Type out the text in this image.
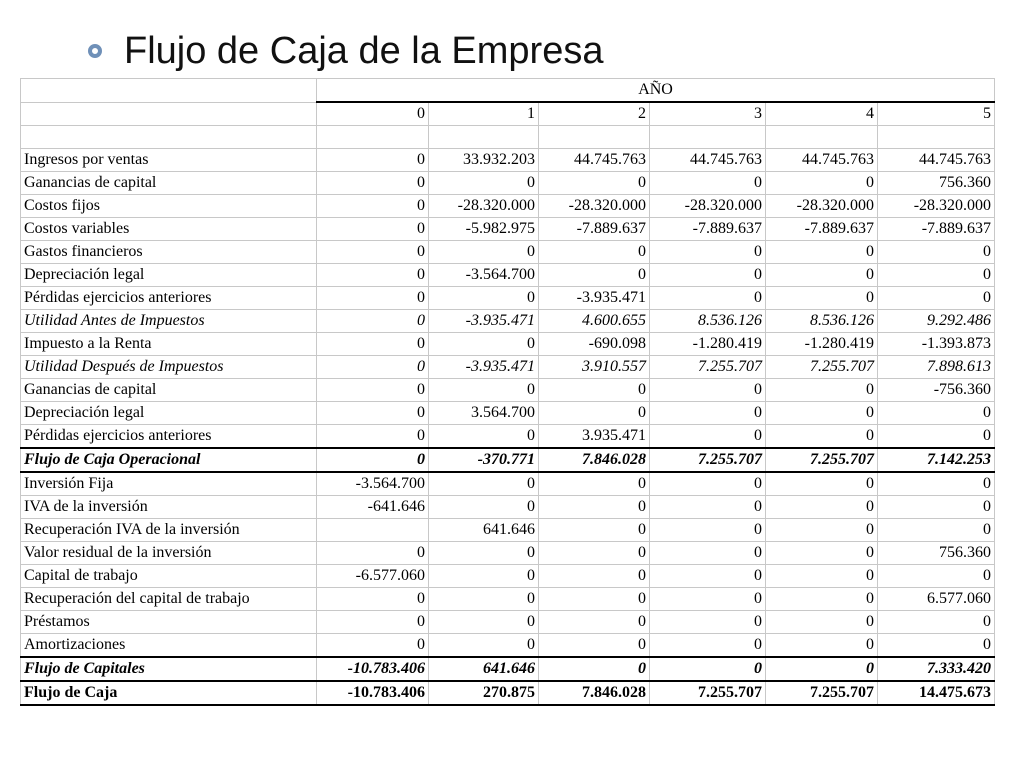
Flujo de Caja de la Empresa
	AÑO					
	0	1	2	3	4	5

Ingresos por ventas	0	33.932.203	44.745.763	44.745.763	44.745.763	44.745.763
Ganancias de capital	0	0	0	0	0	756.360
Costos fijos	0	-28.320.000	-28.320.000	-28.320.000	-28.320.000	-28.320.000
Costos variables	0	-5.982.975	-7.889.637	-7.889.637	-7.889.637	-7.889.637
Gastos financieros	0	0	0	0	0	0
Depreciación legal	0	-3.564.700	0	0	0	0
Pérdidas ejercicios anteriores	0	0	-3.935.471	0	0	0
Utilidad Antes de Impuestos	0	-3.935.471	4.600.655	8.536.126	8.536.126	9.292.486
Impuesto a la Renta	0	0	-690.098	-1.280.419	-1.280.419	-1.393.873
Utilidad Después de Impuestos	0	-3.935.471	3.910.557	7.255.707	7.255.707	7.898.613
Ganancias de capital	0	0	0	0	0	-756.360
Depreciación legal	0	3.564.700	0	0	0	0
Pérdidas ejercicios anteriores	0	0	3.935.471	0	0	0
Flujo de Caja Operacional	0	-370.771	7.846.028	7.255.707	7.255.707	7.142.253
Inversión Fija	-3.564.700	0	0	0	0	0
IVA de la inversión	-641.646	0	0	0	0	0
Recuperación IVA de la inversión		641.646	0	0	0	0
Valor residual de la inversión	0	0	0	0	0	756.360
Capital de trabajo	-6.577.060	0	0	0	0	0
Recuperación del capital de trabajo	0	0	0	0	0	6.577.060
Préstamos	0	0	0	0	0	0
Amortizaciones	0	0	0	0	0	0
Flujo de Capitales	-10.783.406	641.646	0	0	0	7.333.420
Flujo de Caja	-10.783.406	270.875	7.846.028	7.255.707	7.255.707	14.475.673
